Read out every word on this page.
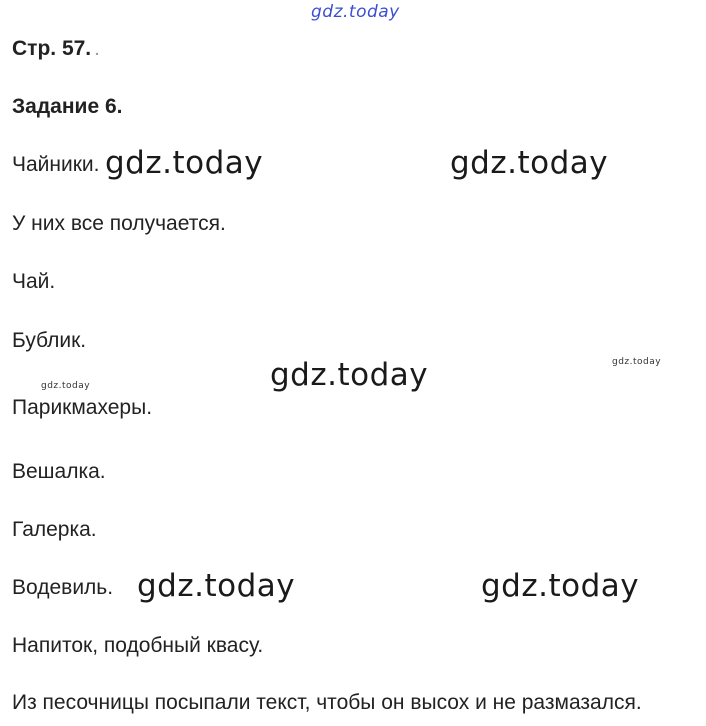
gdz.today
Стр. 57. .
Задание 6.
Чайники.
У них все получается.
Чай.
Бублик.
Парикмахеры.
Вешалка.
Галерка.
Водевиль.
Напиток, подобный квасу.
Из песочницы посыпали текст, чтобы он высох и не размазался.
gdz.today	gdz.today
gdz.today
gdz.today	gdz.today
gdz.today
gdz.today
